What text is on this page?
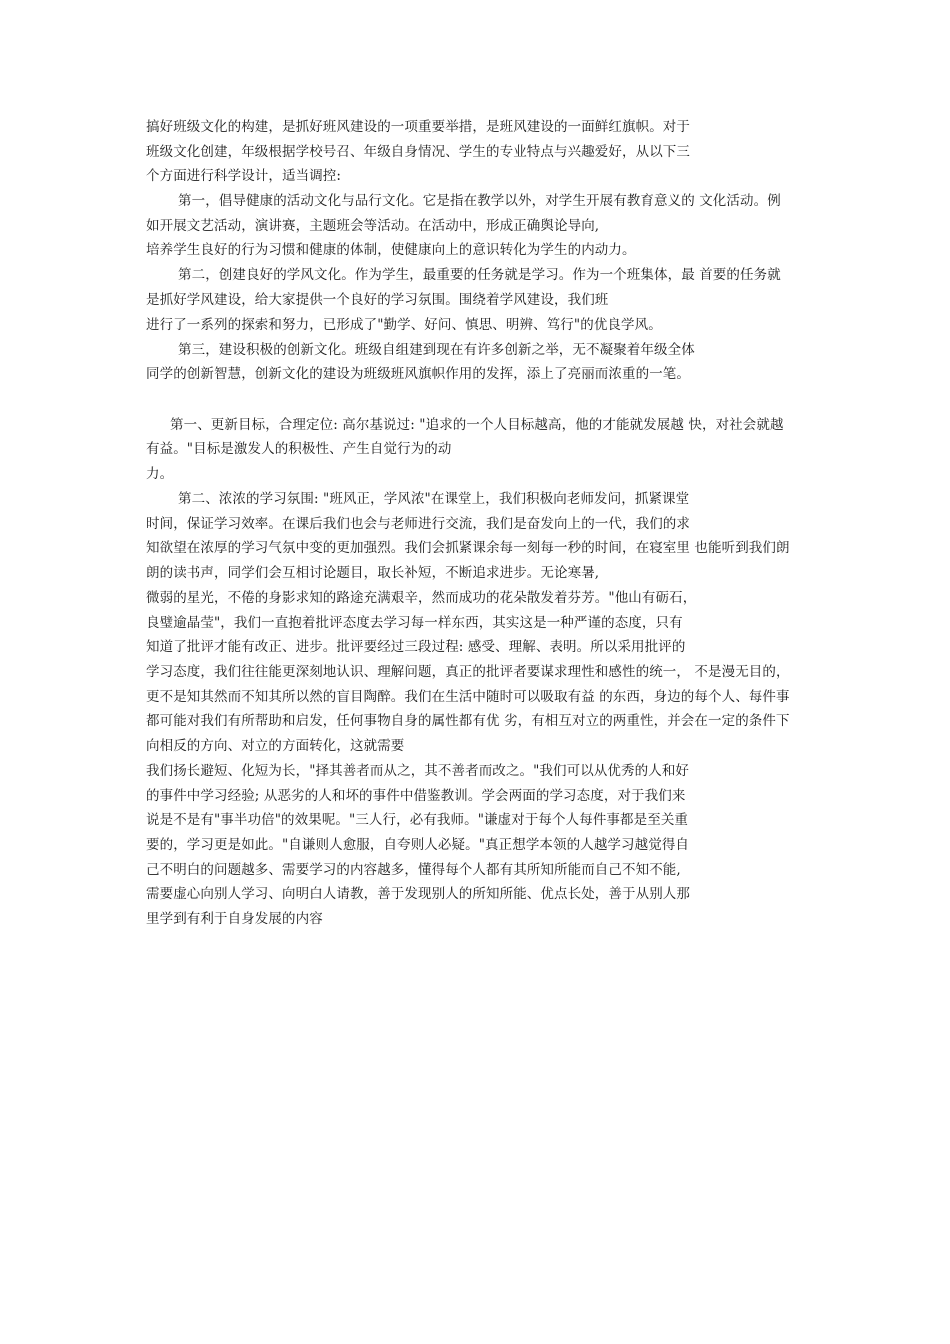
搞好班级文化的构建，是抓好班风建设的一项重要举措，是班风建设的一面鲜红旗帜。对于
班级文化创建，年级根据学校号召、年级自身情况、学生的专业特点与兴趣爱好，从以下三
个方面进行科学设计，适当调控:
第一，倡导健康的活动文化与品行文化。它是指在教学以外，对学生开展有教育意义的 文化活动。例
如开展文艺活动，演讲赛，主题班会等活动。在活动中，形成正确舆论导向,
培养学生良好的行为习惯和健康的体制，使健康向上的意识转化为学生的内动力。
第二，创建良好的学风文化。作为学生，最重要的任务就是学习。作为一个班集体，最 首要的任务就
是抓好学风建设，给大家提供一个良好的学习氛围。围绕着学风建设，我们班
进行了一系列的探索和努力，已形成了"勤学、好问、慎思、明辨、笃行"的优良学风。
第三，建设积极的创新文化。班级自组建到现在有许多创新之举，无不凝聚着年级全体
同学的创新智慧，创新文化的建设为班级班风旗帜作用的发挥，添上了亮丽而浓重的一笔。
第一、更新目标，合理定位: 高尔基说过: "追求的一个人目标越高，他的才能就发展越 快，对社会就越
有益。"目标是激发人的积极性、产生自觉行为的动
力。
第二、浓浓的学习氛围: "班风正，学风浓"在课堂上，我们积极向老师发问，抓紧课堂
时间，保证学习效率。在课后我们也会与老师进行交流，我们是奋发向上的一代，我们的求
知欲望在浓厚的学习气氛中变的更加强烈。我们会抓紧课余每一刻每一秒的时间，在寝室里 也能听到我们朗
朗的读书声，同学们会互相讨论题目，取长补短，不断追求进步。无论寒暑,
微弱的星光，不倦的身影求知的路途充满艰辛，然而成功的花朵散发着芬芳。"他山有砺石，
良璧逾晶莹"，我们一直抱着批评态度去学习每一样东西，其实这是一种严谨的态度，只有
知道了批评才能有改正、进步。批评要经过三段过程: 感受、理解、表明。所以采用批评的
学习态度，我们往往能更深刻地认识、理解问题，真正的批评者要谋求理性和感性的统一， 不是漫无目的，
更不是知其然而不知其所以然的盲目陶醉。我们在生活中随时可以吸取有益 的东西，身边的每个人、每件事
都可能对我们有所帮助和启发，任何事物自身的属性都有优 劣，有相互对立的两重性，并会在一定的条件下
向相反的方向、对立的方面转化，这就需要
我们扬长避短、化短为长，"择其善者而从之，其不善者而改之。"我们可以从优秀的人和好
的事件中学习经验; 从恶劣的人和坏的事件中借鉴教训。学会两面的学习态度，对于我们来
说是不是有"事半功倍"的效果呢。"三人行，必有我师。"谦虚对于每个人每件事都是至关重
要的，学习更是如此。"自谦则人愈服，自夸则人必疑。"真正想学本领的人越学习越觉得自
己不明白的问题越多、需要学习的内容越多，懂得每个人都有其所知所能而自己不知不能,
需要虚心向别人学习、向明白人请教，善于发现别人的所知所能、优点长处，善于从别人那
里学到有利于自身发展的内容
